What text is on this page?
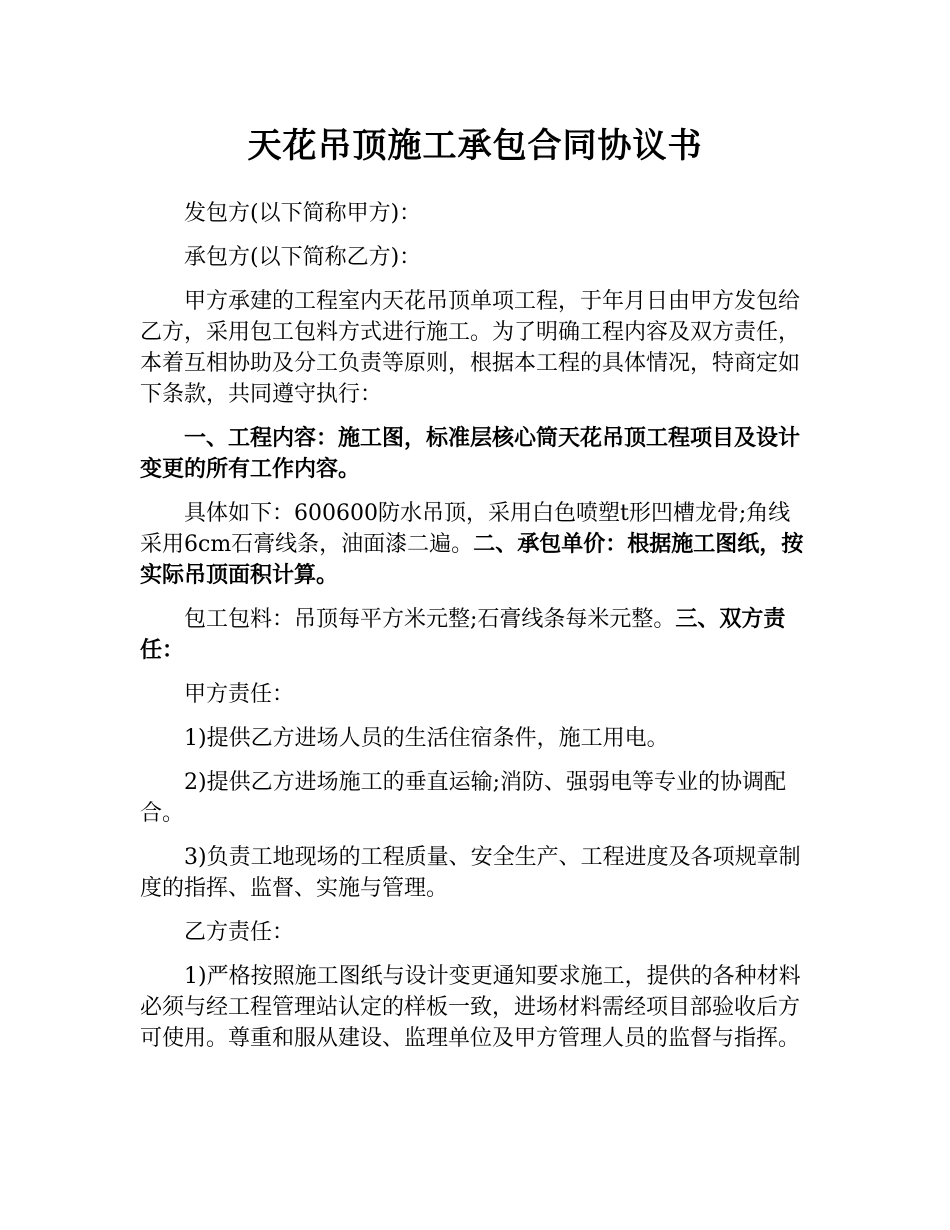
天花吊顶施工承包合同协议书

发包方(以下简称甲方)：

承包方(以下简称乙方)：

甲方承建的工程室内天花吊顶单项工程，于年月日由甲方发包给乙方，采用包工包料方式进行施工。为了明确工程内容及双方责任，本着互相协助及分工负责等原则，根据本工程的具体情况，特商定如下条款，共同遵守执行：

一、工程内容：施工图，标准层核心筒天花吊顶工程项目及设计变更的所有工作内容。

具体如下：600600防水吊顶，采用白色喷塑t形凹槽龙骨;角线采用6cm石膏线条，油面漆二遍。二、承包单价：根据施工图纸，按实际吊顶面积计算。

包工包料：吊顶每平方米元整;石膏线条每米元整。三、双方责任：

甲方责任：

1)提供乙方进场人员的生活住宿条件，施工用电。

2)提供乙方进场施工的垂直运输;消防、强弱电等专业的协调配合。

3)负责工地现场的工程质量、安全生产、工程进度及各项规章制度的指挥、监督、实施与管理。

乙方责任：

1)严格按照施工图纸与设计变更通知要求施工，提供的各种材料必须与经工程管理站认定的样板一致，进场材料需经项目部验收后方可使用。尊重和服从建设、监理单位及甲方管理人员的监督与指挥。
